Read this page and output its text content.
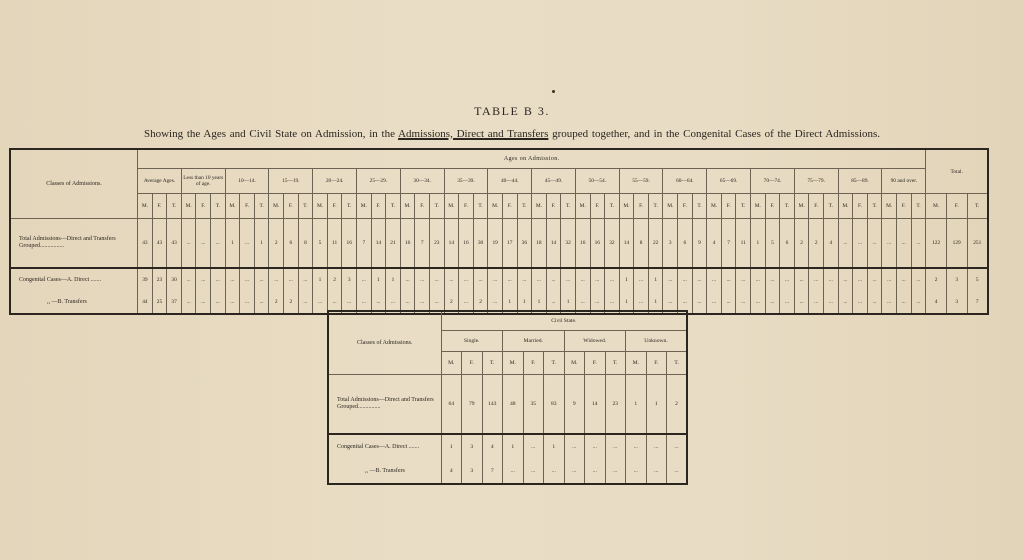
TABLE B 3.
Showing the Ages and Civil State on Admission, in the Admissions, Direct and Transfers grouped together, and in the Congenital Cases of the Direct Admissions.
Classes of Admissions.	Ages on Admission.																																																						Total.		
	Average Ages.			Less than 10 years of age.			10—14.			15—19.			20—24.			25—29.			30—34.			35—39.			40—44.			45—49.			50—54.			55—59.			60—64.			65—69.			70—74.			75—79.			85—89.			90 and over.					
	M.	F.	T.	M.	F.	T.	M.	F.	T.	M.	F.	T.	M.	F.	T.	M.	F.	T.	M.	F.	T.	M.	F.	T.	M.	F.	T.	M.	F.	T.	M.	F.	T.	M.	F.	T.	M.	F.	T.	M.	F.	T.	M.	F.	T.	M.	F.	T.	M.	F.	T.	M.	F.	T.	M.	F.	T.
Total Admissions—Direct and Transfers Grouped................	43	43	43	...	...	...	1	...	1	2	6	8	5	11	16	7	14	21	16	7	23	14	16	30	19	17	36	18	14	32	16	16	32	14	8	22	3	6	9	4	7	11	1	5	6	2	2	4	...	...	...	...	...	...	122	129	251
Congenital Cases—A. Direct .......	39	23	30	...	...	...	...	...	...	...	...	...	1	2	3	...	1	1	...	...	...	...	...	...	...	...	...	...	...	...	...	...	...	1	...	1	...	...	...	...	...	...	...	...	...	...	...	...	...	...	...	...	...	...	2	3	5
,, —B. Transfers	44	25	37	...	...	...	...	...	...	2	2	...	...	...	...	...	...	...	...	...	...	2	...	2	...	1	1	1	...	1	...	...	...	1	...	1	...	...	...	...	...	...	...	...	...	...	...	...	...	...	...	...	...	...	4	3	7
Classes of Admissions.	Civil State.											
	Single.			Married.			Widowed.			Unknown.		
	M.	F.	T.	M.	F.	T.	M.	F.	T.	M.	F.	T.
Total Admissions—Direct and Transfers Grouped...............	64	79	143	48	35	83	9	14	23	1	1	2
Congenital Cases—A. Direct .......	1	3	4	1	...	1	...	...	...	...	...	...
,, —B. Transfers	4	3	7	...	...	...	...	...	...	...	...	...
